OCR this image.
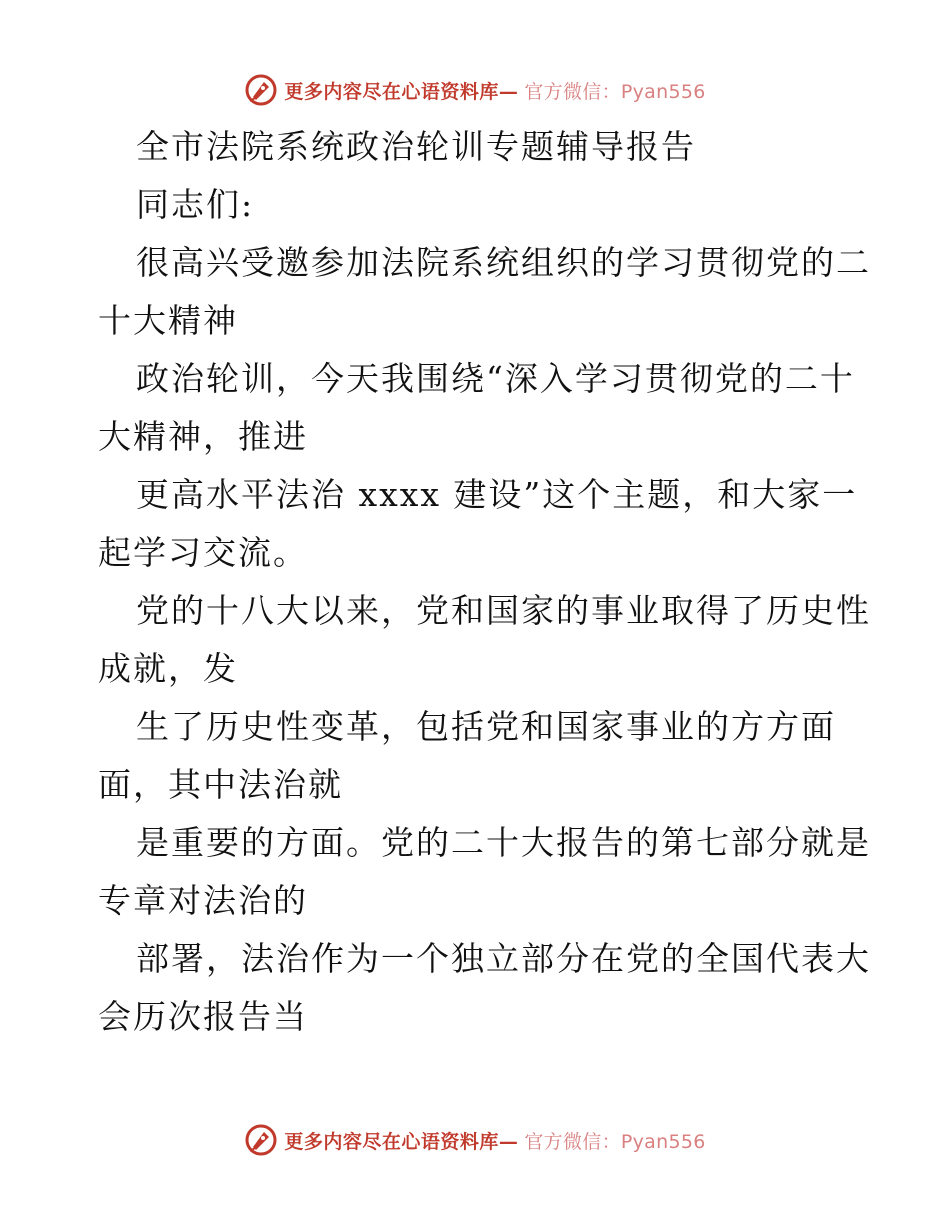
更多内容尽在心语资料库— 官方微信：Pyan556
全市法院系统政治轮训专题辅导报告
同志们:
很高兴受邀参加法院系统组织的学习贯彻党的二
十大精神
政治轮训，今天我围绕“深入学习贯彻党的二十
大精神，推进
更高水平法治 xxxx 建设”这个主题，和大家一
起学习交流。
党的十八大以来，党和国家的事业取得了历史性
成就，发
生了历史性变革，包括党和国家事业的方方面
面，其中法治就
是重要的方面。党的二十大报告的第七部分就是
专章对法治的
部署，法治作为一个独立部分在党的全国代表大
会历次报告当
更多内容尽在心语资料库— 官方微信：Pyan556
